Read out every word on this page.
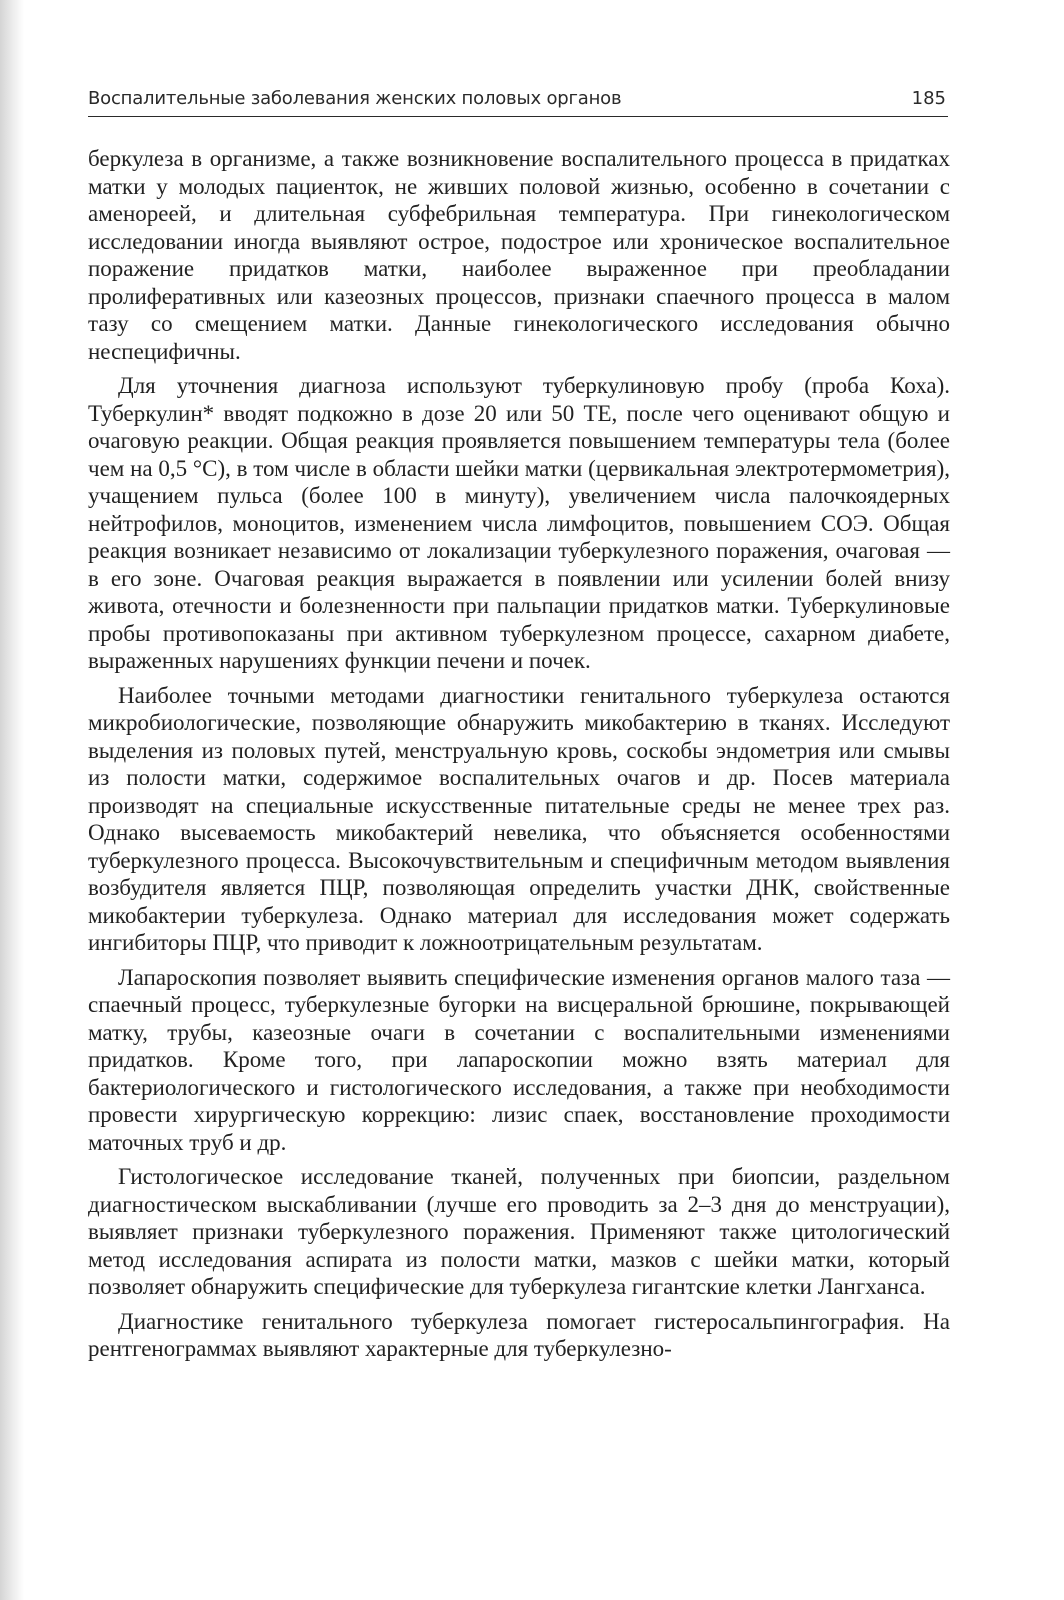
Воспалительные заболевания женских половых органов	185

беркулеза в организме, а также возникновение воспалительного процесса в придатках матки у молодых пациенток, не живших половой жизнью, особенно в сочетании с аменореей, и длительная субфебрильная температура. При гинекологическом исследовании иногда выявляют острое, подострое или хроническое воспалительное поражение придатков матки, наиболее выраженное при преобладании пролиферативных или казеозных процессов, признаки спаечного процесса в малом тазу со смещением матки. Данные гинекологического исследования обычно неспецифичны.

Для уточнения диагноза используют туберкулиновую пробу (проба Коха). Туберкулин* вводят подкожно в дозе 20 или 50 ТЕ, после чего оценивают общую и очаговую реакции. Общая реакция проявляется повышением температуры тела (более чем на 0,5 °С), в том числе в области шейки матки (цервикальная электротермометрия), учащением пульса (более 100 в минуту), увеличением числа палочкоядерных нейтрофилов, моноцитов, изменением числа лимфоцитов, повышением СОЭ. Общая реакция возникает независимо от локализации туберкулезного поражения, очаговая — в его зоне. Очаговая реакция выражается в появлении или усилении болей внизу живота, отечности и болезненности при пальпации придатков матки. Туберкулиновые пробы противопоказаны при активном туберкулезном процессе, сахарном диабете, выраженных нарушениях функции печени и почек.

Наиболее точными методами диагностики генитального туберкулеза остаются микробиологические, позволяющие обнаружить микобактерию в тканях. Исследуют выделения из половых путей, менструальную кровь, соскобы эндометрия или смывы из полости матки, содержимое воспалительных очагов и др. Посев материала производят на специальные искусственные питательные среды не менее трех раз. Однако высеваемость микобактерий невелика, что объясняется особенностями туберкулезного процесса. Высокочувствительным и специфичным методом выявления возбудителя является ПЦР, позволяющая определить участки ДНК, свойственные микобактерии туберкулеза. Однако материал для исследования может содержать ингибиторы ПЦР, что приводит к ложноотрицательным результатам.

Лапароскопия позволяет выявить специфические изменения органов малого таза — спаечный процесс, туберкулезные бугорки на висцеральной брюшине, покрывающей матку, трубы, казеозные очаги в сочетании с воспалительными изменениями придатков. Кроме того, при лапароскопии можно взять материал для бактериологического и гистологического исследования, а также при необходимости провести хирургическую коррекцию: лизис спаек, восстановление проходимости маточных труб и др.

Гистологическое исследование тканей, полученных при биопсии, раздельном диагностическом выскабливании (лучше его проводить за 2–3 дня до менструации), выявляет признаки туберкулезного поражения. Применяют также цитологический метод исследования аспирата из полости матки, мазков с шейки матки, который позволяет обнаружить специфические для туберкулеза гигантские клетки Лангханса.

Диагностике генитального туберкулеза помогает гистеросальпингография. На рентгенограммах выявляют характерные для туберкулезно-
